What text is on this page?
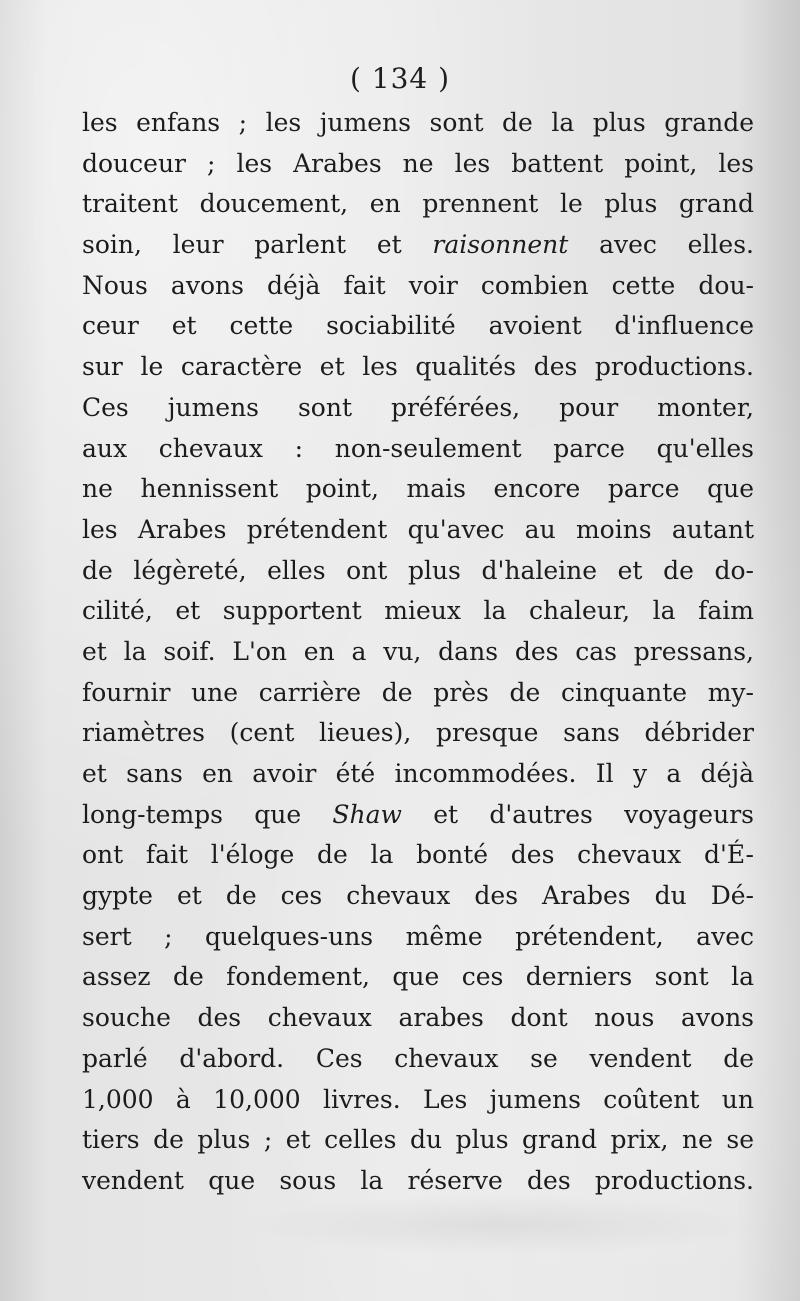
( 134 )
les enfans ; les jumens sont de la plus grande
douceur ; les Arabes ne les battent point, les
traitent doucement, en prennent le plus grand
soin, leur parlent et raisonnent avec elles.
Nous avons déjà fait voir combien cette dou-
ceur et cette sociabilité avoient d'influence
sur le caractère et les qualités des productions.
Ces jumens sont préférées, pour monter,
aux chevaux : non-seulement parce qu'elles
ne hennissent point, mais encore parce que
les Arabes prétendent qu'avec au moins autant
de légèreté, elles ont plus d'haleine et de do-
cilité, et supportent mieux la chaleur, la faim
et la soif. L'on en a vu, dans des cas pressans,
fournir une carrière de près de cinquante my-
riamètres (cent lieues), presque sans débrider
et sans en avoir été incommodées. Il y a déjà
long-temps que Shaw et d'autres voyageurs
ont fait l'éloge de la bonté des chevaux d'É-
gypte et de ces chevaux des Arabes du Dé-
sert ; quelques-uns même prétendent, avec
assez de fondement, que ces derniers sont la
souche des chevaux arabes dont nous avons
parlé d'abord. Ces chevaux se vendent de
1,000 à 10,000 livres. Les jumens coûtent un
tiers de plus ; et celles du plus grand prix, ne se
vendent que sous la réserve des productions.
